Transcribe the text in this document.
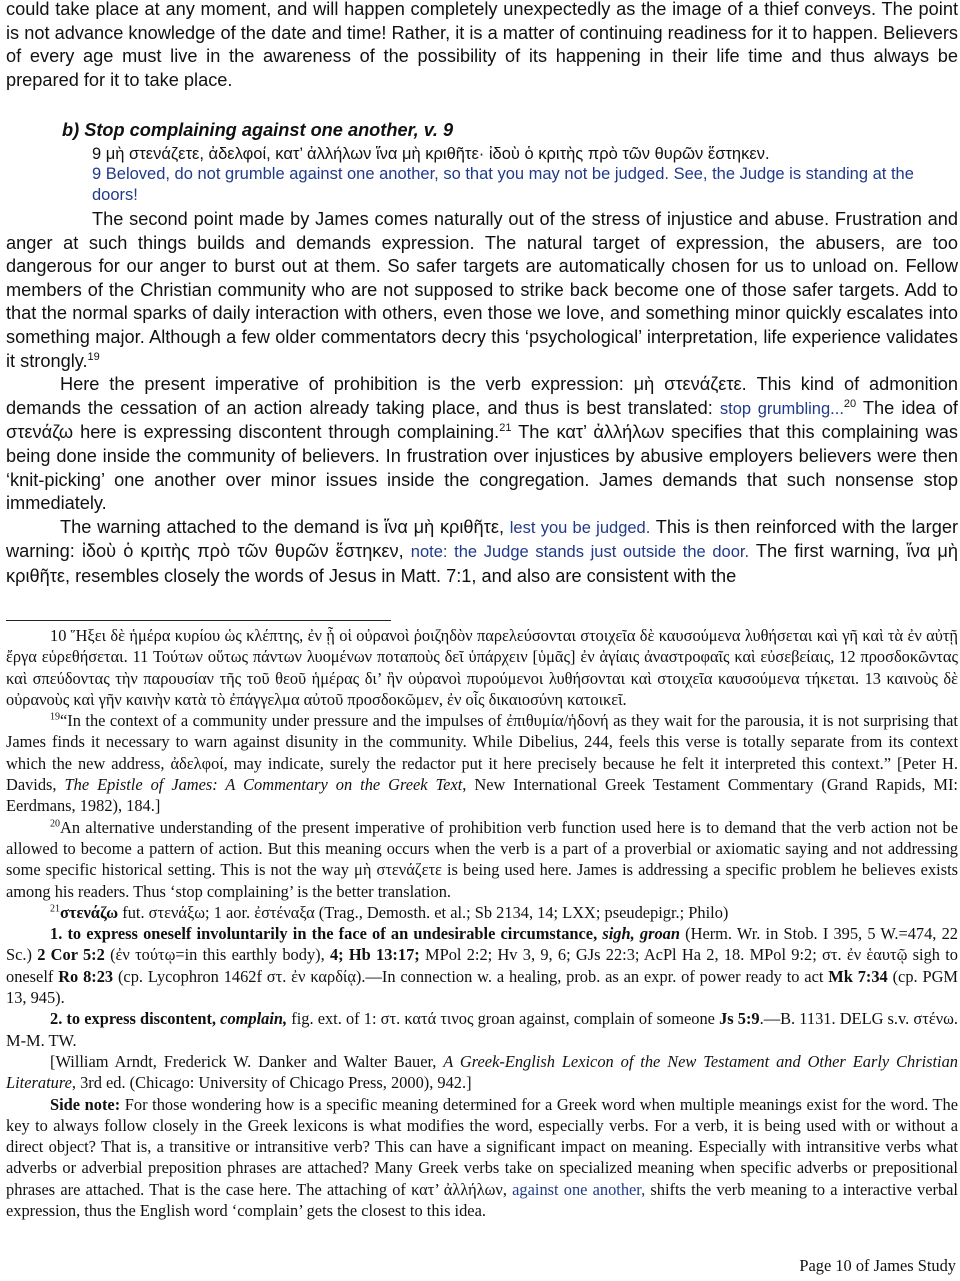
could take place at any moment, and will happen completely unexpectedly as the image of a thief conveys. The point is not advance knowledge of the date and time! Rather, it is a matter of continuing readiness for it to happen. Believers of every age must live in the awareness of the possibility of its happening in their life time and thus always be prepared for it to take place.

b) Stop complaining against one another, v. 9
9 μὴ στενάζετε, ἀδελφοί, κατ’ ἀλλήλων ἵνα μὴ κριθῆτε· ἰδοὺ ὁ κριτὴς πρὸ τῶν θυρῶν ἕστηκεν.
9 Beloved, do not grumble against one another, so that you may not be judged. See, the Judge is standing at the doors!

The second point made by James comes naturally out of the stress of injustice and abuse. Frustration and anger at such things builds and demands expression. The natural target of expression, the abusers, are too dangerous for our anger to burst out at them. So safer targets are automatically chosen for us to unload on. Fellow members of the Christian community who are not supposed to strike back become one of those safer targets. Add to that the normal sparks of daily interaction with others, even those we love, and something minor quickly escalates into something major. Although a few older commentators decry this ‘psychological’ interpretation, life experience validates it strongly.$^{19}$

Here the present imperative of prohibition is the verb expression: μὴ στενάζετε. This kind of admonition demands the cessation of an action already taking place, and thus is best translated: stop grumbling...$^{20}$ The idea of στενάζω here is expressing discontent through complaining.$^{21}$ The κατ’ ἀλλήλων specifies that this complaining was being done inside the community of believers. In frustration over injustices by abusive employers believers were then ‘knit-picking’ one another over minor issues inside the congregation. James demands that such nonsense stop immediately.

The warning attached to the demand is ἵνα μὴ κριθῆτε, lest you be judged. This is then reinforced with the larger warning: ἰδοὺ ὁ κριτὴς πρὸ τῶν θυρῶν ἕστηκεν, note: the Judge stands just outside the door. The first warning, ἵνα μὴ κριθῆτε, resembles closely the words of Jesus in Matt. 7:1, and also are consistent with the

10 Ἥξει δὲ ἡμέρα κυρίου ὡς κλέπτης, ἐν ᾗ οἱ οὐρανοὶ ῥοιζηδὸν παρελεύσονται στοιχεῖα δὲ καυσούμενα λυθήσεται καὶ γῆ καὶ τὰ ἐν αὐτῇ ἔργα εὑρεθήσεται. 11 Τούτων οὕτως πάντων λυομένων ποταποὺς δεῖ ὑπάρχειν [ὑμᾶς] ἐν ἁγίαις ἀναστροφαῖς καὶ εὐσεβείαις, 12 προσδοκῶντας καὶ σπεύδοντας τὴν παρουσίαν τῆς τοῦ θεοῦ ἡμέρας δι’ ἣν οὐρανοὶ πυρούμενοι λυθήσονται καὶ στοιχεῖα καυσούμενα τήκεται. 13 καινοὺς δὲ οὐρανοὺς καὶ γῆν καινὴν κατὰ τὸ ἐπάγγελμα αὐτοῦ προσδοκῶμεν, ἐν οἷς δικαιοσύνη κατοικεῖ.

$^{19}$“In the context of a community under pressure and the impulses of ἐπιθυμία/ἡδονή as they wait for the parousia, it is not surprising that James finds it necessary to warn against disunity in the community. While Dibelius, 244, feels this verse is totally separate from its context which the new address, ἀδελφοί, may indicate, surely the redactor put it here precisely because he felt it interpreted this context.” [Peter H. Davids, The Epistle of James: A Commentary on the Greek Text, New International Greek Testament Commentary (Grand Rapids, MI: Eerdmans, 1982), 184.]

$^{20}$An alternative understanding of the present imperative of prohibition verb function used here is to demand that the verb action not be allowed to become a pattern of action. But this meaning occurs when the verb is a part of a proverbial or axiomatic saying and not addressing some specific historical setting. This is not the way μὴ στενάζετε is being used here. James is addressing a specific problem he believes exists among his readers. Thus ‘stop complaining’ is the better translation.

$^{21}$στενάζω fut. στενάξω; 1 aor. ἐστέναξα (Trag., Demosth. et al.; Sb 2134, 14; LXX; pseudepigr.; Philo)

1. to express oneself involuntarily in the face of an undesirable circumstance, sigh, groan (Herm. Wr. in Stob. I 395, 5 W.=474, 22 Sc.) 2 Cor 5:2 (ἐν τούτῳ=in this earthly body), 4; Hb 13:17; MPol 2:2; Hv 3, 9, 6; GJs 22:3; AcPl Ha 2, 18. MPol 9:2; στ. ἐν ἑαυτῷ sigh to oneself Ro 8:23 (cp. Lycophron 1462f στ. ἐν καρδίᾳ).—In connection w. a healing, prob. as an expr. of power ready to act Mk 7:34 (cp. PGM 13, 945).

2. to express discontent, complain, fig. ext. of 1: στ. κατά τινος groan against, complain of someone Js 5:9.—B. 1131. DELG s.v. στένω. M-M. TW.

[William Arndt, Frederick W. Danker and Walter Bauer, A Greek-English Lexicon of the New Testament and Other Early Christian Literature, 3rd ed. (Chicago: University of Chicago Press, 2000), 942.]

Side note: For those wondering how is a specific meaning determined for a Greek word when multiple meanings exist for the word. The key to always follow closely in the Greek lexicons is what modifies the word, especially verbs. For a verb, it is being used with or without a direct object? That is, a transitive or intransitive verb? This can have a significant impact on meaning. Especially with intransitive verbs what adverbs or adverbial preposition phrases are attached? Many Greek verbs take on specialized meaning when specific adverbs or prepositional phrases are attached. That is the case here. The attaching of κατ’ ἀλλήλων, against one another, shifts the verb meaning to a interactive verbal expression, thus the English word ‘complain’ gets the closest to this idea.

Page 10 of James Study
